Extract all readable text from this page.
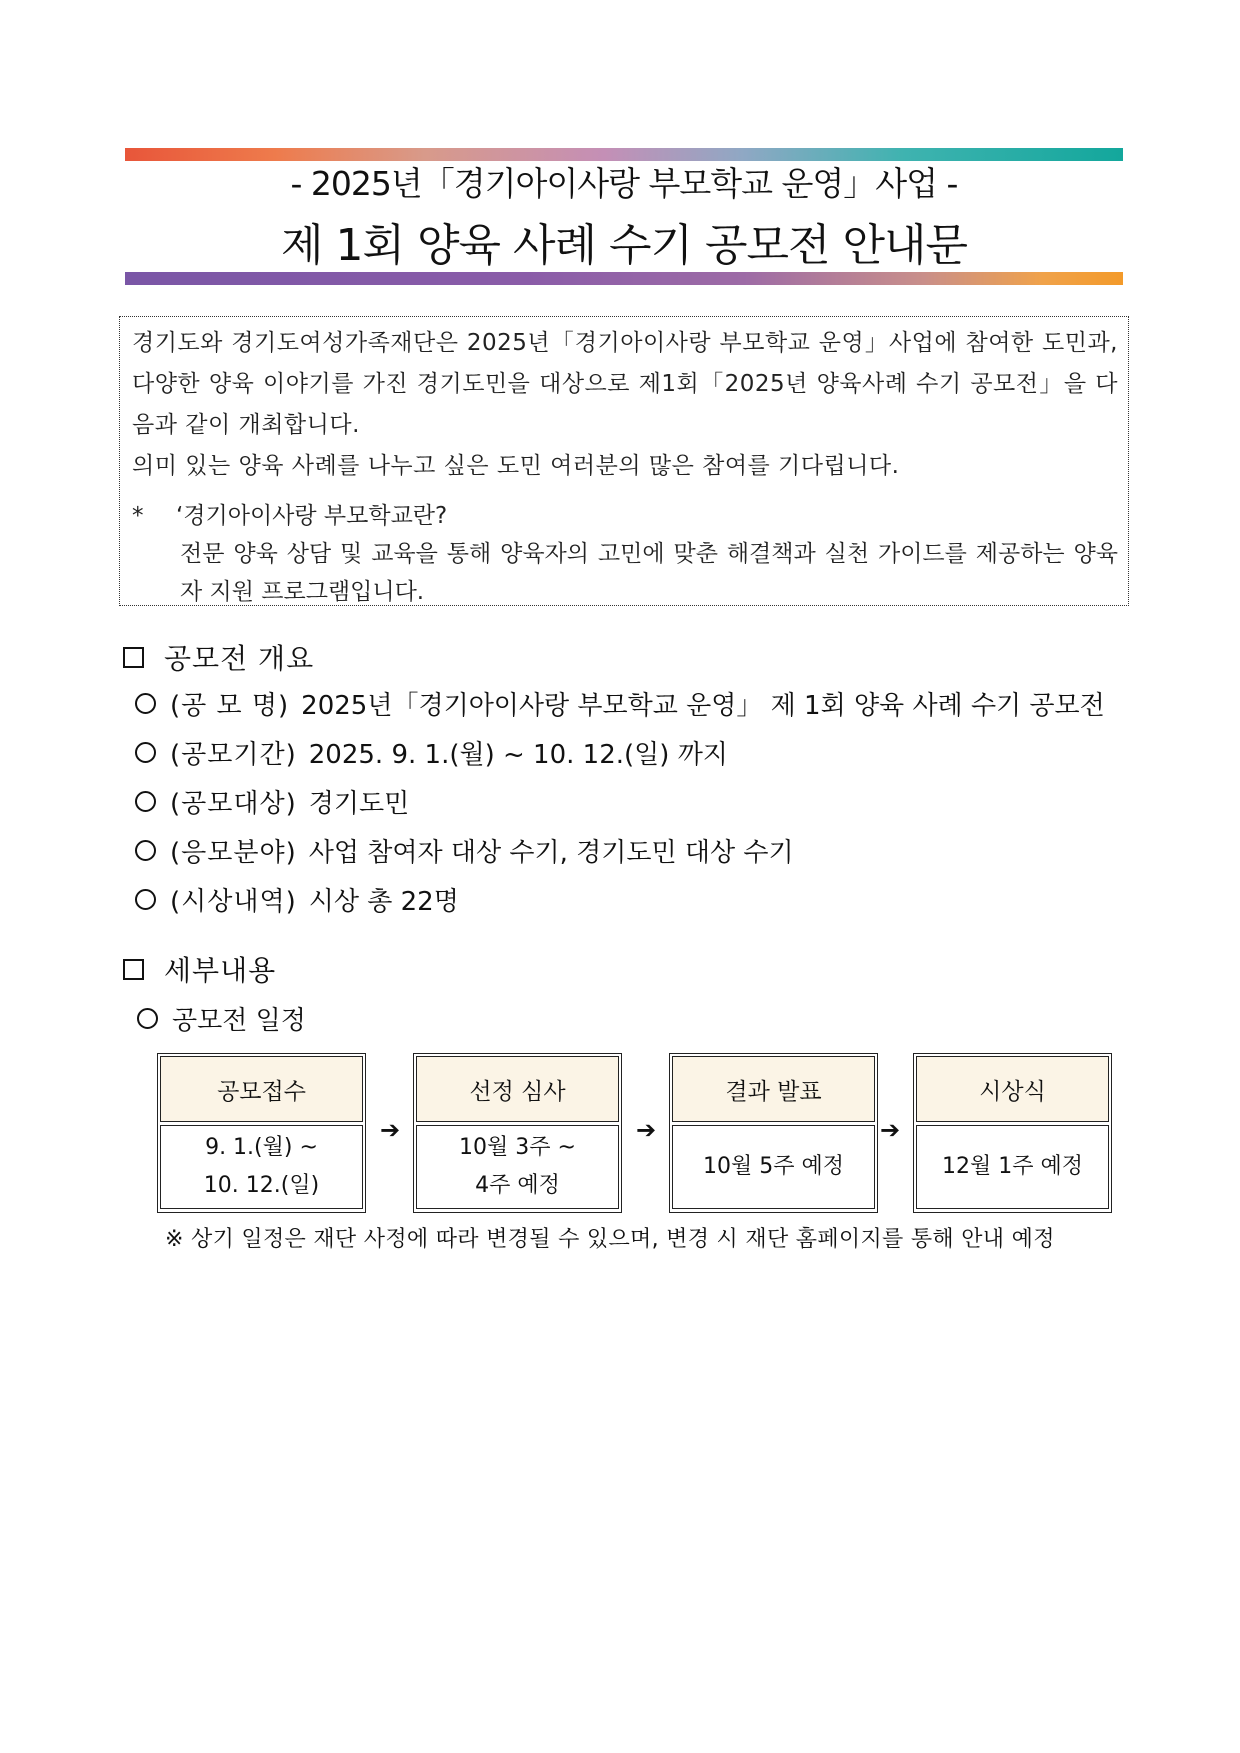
- 2025년「경기아이사랑 부모학교 운영」사업 -
제 1회 양육 사례 수기 공모전 안내문

경기도와 경기도여성가족재단은 2025년「경기아이사랑 부모학교 운영」사업에 참여한 도민과, 다양한 양육 이야기를 가진 경기도민을 대상으로 제1회「2025년 양육사례 수기 공모전」을 다음과 같이 개최합니다.

의미 있는 양육 사례를 나누고 싶은 도민 여러분의 많은 참여를 기다립니다.

*	‘경기아이사랑 부모학교란?
전문 양육 상담 및 교육을 통해 양육자의 고민에 맞춘 해결책과 실천 가이드를 제공하는 양육자 지원 프로그램입니다.
공모전 개요
(공 모 명) 2025년「경기아이사랑 부모학교 운영」 제 1회 양육 사례 수기 공모전
(공모기간) 2025. 9. 1.(월) ~ 10. 12.(일) 까지
(공모대상) 경기도민
(응모분야) 사업 참여자 대상 수기, 경기도민 대상 수기
(시상내역) 시상 총 22명
세부내용
공모전 일정
공모접수
9. 1.(월) ~
10. 12.(일)
➔
선정 심사
10월 3주 ~
4주 예정
➔
결과 발표
10월 5주 예정
➔
시상식
12월 1주 예정
※ 상기 일정은 재단 사정에 따라 변경될 수 있으며, 변경 시 재단 홈페이지를 통해 안내 예정
